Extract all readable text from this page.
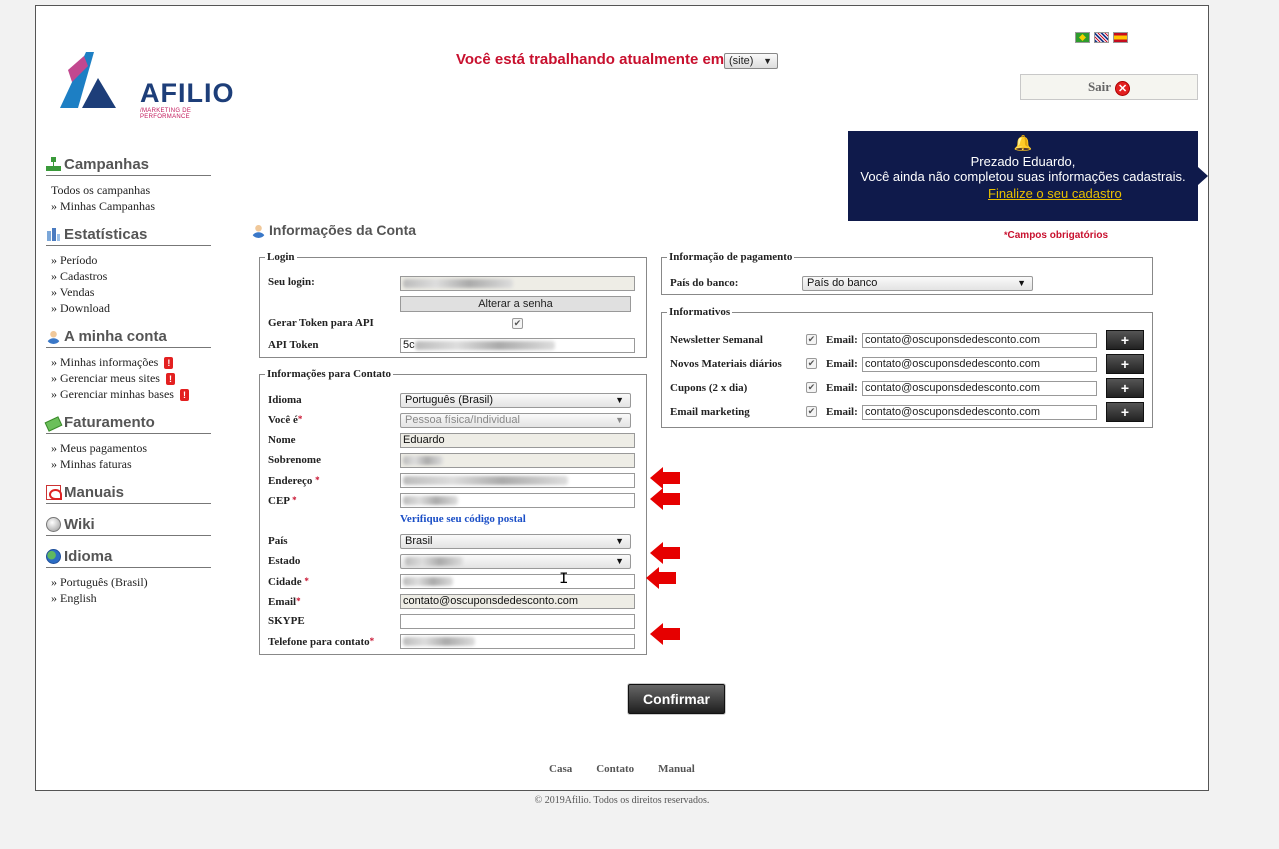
AFILIO
/MARKETING DE PERFORMANCE
Você está trabalhando atualmente em (site) ▼
Sair ✕
🔔
Prezado Eduardo,
Você ainda não completou suas informações cadastrais.
Finalize o seu cadastro
*Campos obrigatórios
Campanhas
Todos os campanhas
» Minhas Campanhas
Estatísticas
» Período
» Cadastros
» Vendas
» Download
A minha conta
» Minhas informações !
» Gerenciar meus sites !
» Gerenciar minhas bases !
Faturamento
» Meus pagamentos
» Minhas faturas
Manuais
Wiki
Idioma
» Português (Brasil)
» English
Informações da Conta
Login
Seu login:
Alterar a senha
Gerar Token para API	✔
API Token	5c
Informações para Contato
Idioma	Português (Brasil)	▼
Você é*	Pessoa física/Individual	▼
Nome	Eduardo
Sobrenome
Endereço *
CEP *
Verifique seu código postal
País	Brasil	▼
Estado	▼
Cidade *
Email*	contato@oscuponsdedesconto.com
SKYPE
Telefone para contato*
Informação de pagamento
País do banco:	País do banco	▼
Informativos
Newsletter Semanal	✔ Email: contato@oscuponsdedesconto.com	+
Novos Materiais diários	✔ Email: contato@oscuponsdedesconto.com	+
Cupons (2 x dia)	✔ Email: contato@oscuponsdedesconto.com	+
Email marketing	✔ Email: contato@oscuponsdedesconto.com	+
I
Confirmar
Casa Contato Manual
© 2019Afilio. Todos os direitos reservados.
